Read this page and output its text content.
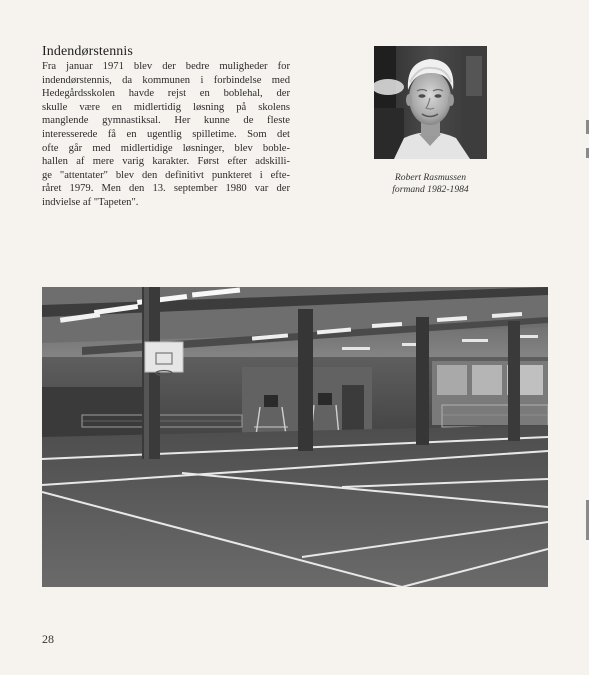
Indendørstennis
Fra januar 1971 blev der bedre muligheder for
indendørstennis, da kommunen i forbindelse med
Hedegårdsskolen havde rejst en boblehal, der
skulle være en midlertidig løsning på skolens
manglende gymnastiksal. Her kunne de fleste
interesserede få en ugentlig spilletime. Som det
ofte går med midlertidige løsninger, blev boble-
hallen af mere varig karakter. Først efter adskilli-
ge "attentater" blev den definitivt punkteret i efte-
råret 1979. Men den 13. september 1980 var der
indvielse af "Tapeten".
Robert Rasmussen
formand 1982-1984
28
